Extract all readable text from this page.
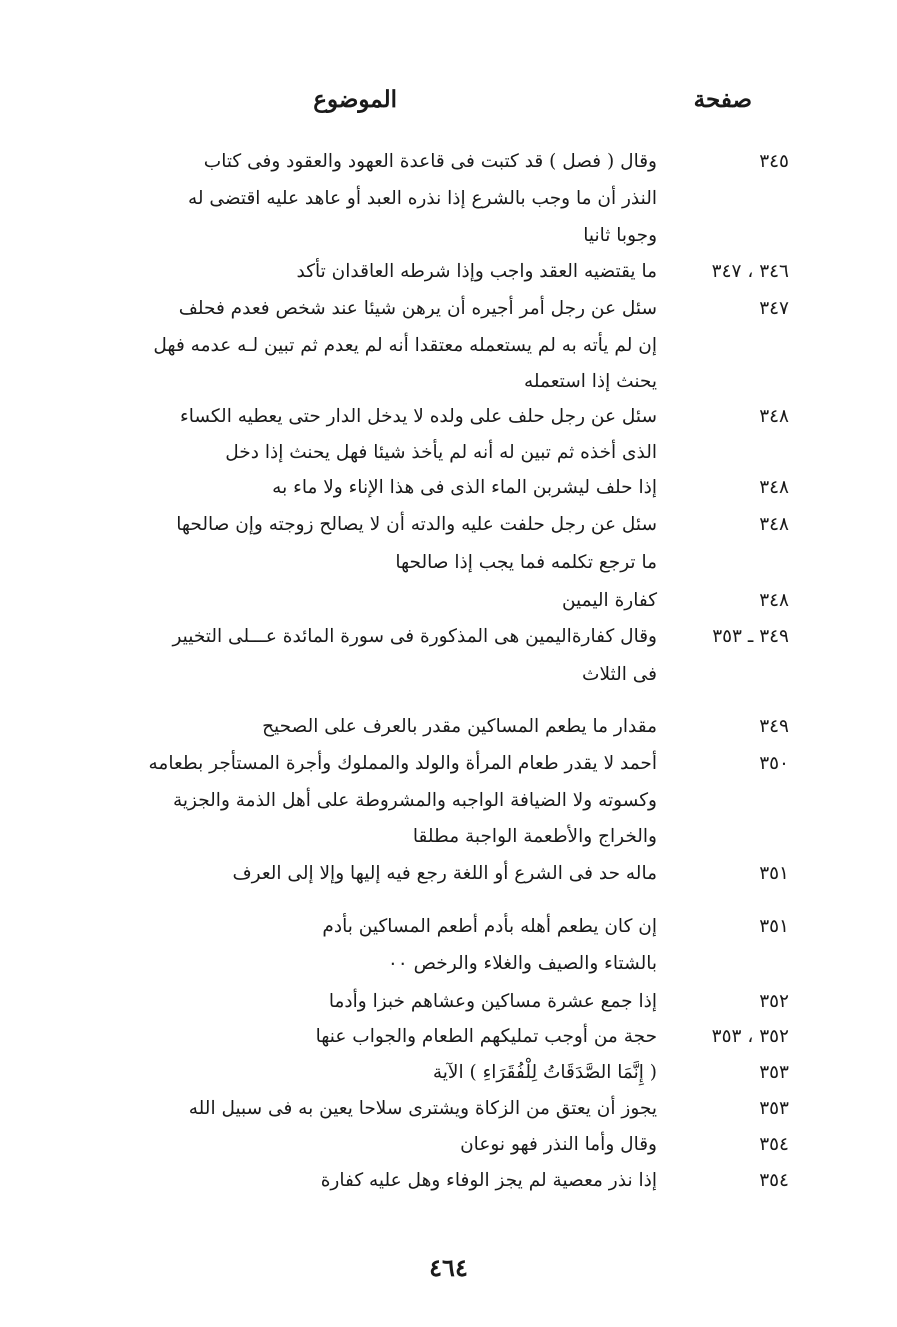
صفحة
الموضوع
٣٤٥
وقال ( فصل ) قد كتبت فى قاعدة العهود والعقود وفى كتاب
النذر أن ما وجب بالشرع إذا نذره العبد أو عاهد عليه اقتضى له
وجوبا ثانيا
٣٤٦ ، ٣٤٧
ما يقتضيه العقد واجب وإذا شرطه العاقدان تأكد
٣٤٧
سئل عن رجل أمر أجيره أن يرهن شيئا عند شخص فعدم فحلف
إن لم يأته به لم يستعمله معتقدا أنه لم يعدم ثم تبين لـه عدمه فهل
يحنث إذا استعمله
٣٤٨
سئل عن رجل حلف على ولده لا يدخل الدار حتى يعطيه الكساء
الذى أخذه ثم تبين له أنه لم يأخذ شيئا فهل يحنث إذا دخل
٣٤٨
إذا حلف ليشربن الماء الذى فى هذا الإناء ولا ماء به
٣٤٨
سئل عن رجل حلفت عليه والدته أن لا يصالح زوجته وإن صالحها
ما ترجع تكلمه فما يجب إذا صالحها
٣٤٨
كفارة اليمين
٣٤٩ ـ ٣٥٣
وقال كفارةاليمين هى المذكورة فى سورة المائدة عـــلى التخيير
فى الثلاث
٣٤٩
مقدار ما يطعم المساكين مقدر بالعرف على الصحيح
٣٥٠
أحمد لا يقدر طعام المرأة والولد والمملوك وأجرة المستأجر بطعامه
وكسوته ولا الضيافة الواجبه والمشروطة على أهل الذمة والجزية
والخراج والأطعمة الواجبة مطلقا
٣٥١
ماله حد فى الشرع أو اللغة رجع فيه إليها وإلا إلى العرف
٣٥١
إن كان يطعم أهله بأدم أطعم المساكين بأدم
بالشتاء والصيف والغلاء والرخص ٠٠
٣٥٢
إذا جمع عشرة مساكين وعشاهم خبزا وأدما
٣٥٢ ، ٣٥٣
حجة من أوجب تمليكهم الطعام والجواب عنها
٣٥٣
( إِنَّمَا الصَّدَقَاتُ لِلْفُقَرَاءِ ) الآية
٣٥٣
يجوز أن يعتق من الزكاة ويشترى سلاحا يعين به فى سبيل الله
٣٥٤
وقال وأما النذر فهو نوعان
٣٥٤
إذا نذر معصية لم يجز الوفاء وهل عليه كفارة
٤٦٤
